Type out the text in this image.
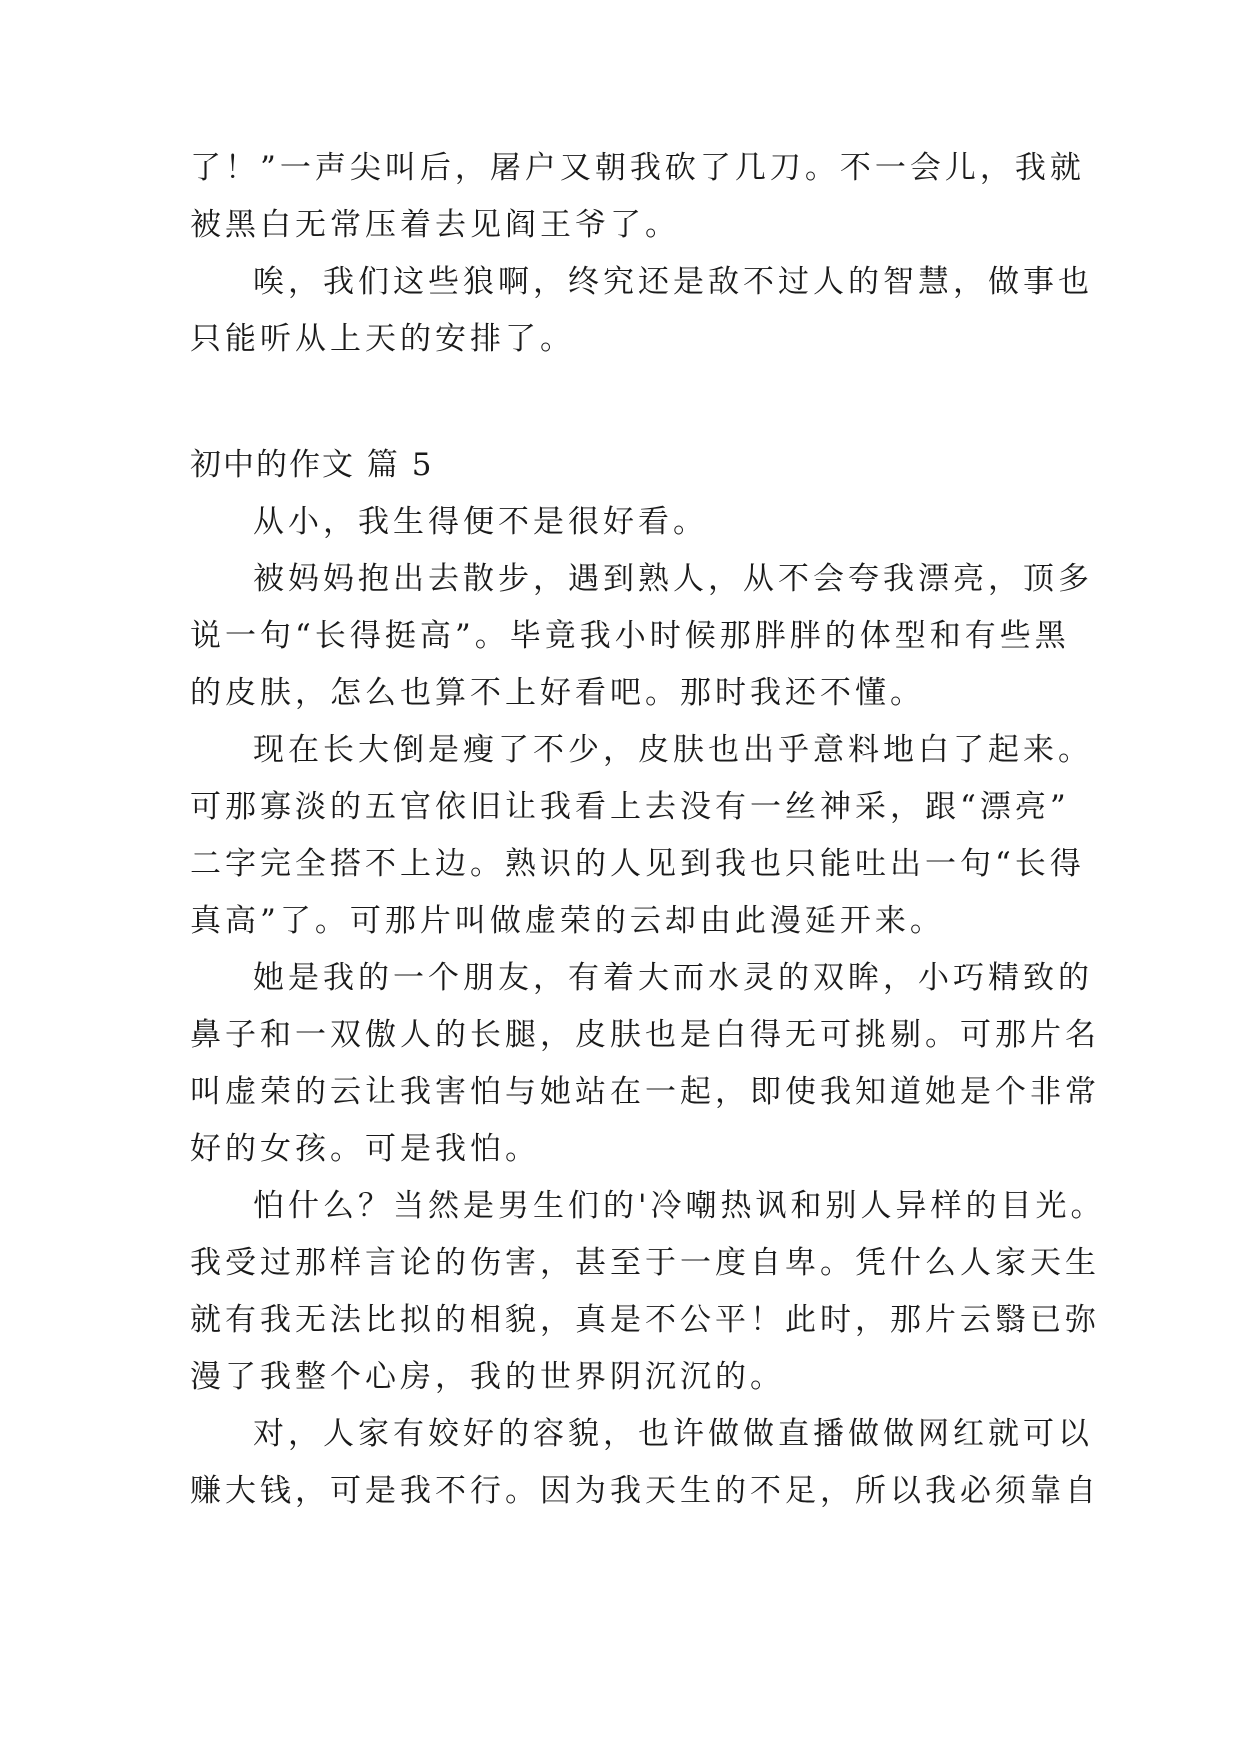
了！”一声尖叫后，屠户又朝我砍了几刀。不一会儿，我就
被黑白无常压着去见阎王爷了。
唉，我们这些狼啊，终究还是敌不过人的智慧，做事也
只能听从上天的安排了。
初中的作文 篇 5
从小，我生得便不是很好看。
被妈妈抱出去散步，遇到熟人，从不会夸我漂亮，顶多
说一句“长得挺高”。毕竟我小时候那胖胖的体型和有些黑
的皮肤，怎么也算不上好看吧。那时我还不懂。
现在长大倒是瘦了不少，皮肤也出乎意料地白了起来。
可那寡淡的五官依旧让我看上去没有一丝神采，跟“漂亮”
二字完全搭不上边。熟识的人见到我也只能吐出一句“长得
真高”了。可那片叫做虚荣的云却由此漫延开来。
她是我的一个朋友，有着大而水灵的双眸，小巧精致的
鼻子和一双傲人的长腿，皮肤也是白得无可挑剔。可那片名
叫虚荣的云让我害怕与她站在一起，即使我知道她是个非常
好的女孩。可是我怕。
怕什么？当然是男生们的'冷嘲热讽和别人异样的目光。
我受过那样言论的伤害，甚至于一度自卑。凭什么人家天生
就有我无法比拟的相貌，真是不公平！此时，那片云翳已弥
漫了我整个心房，我的世界阴沉沉的。
对，人家有姣好的容貌，也许做做直播做做网红就可以
赚大钱，可是我不行。因为我天生的不足，所以我必须靠自
